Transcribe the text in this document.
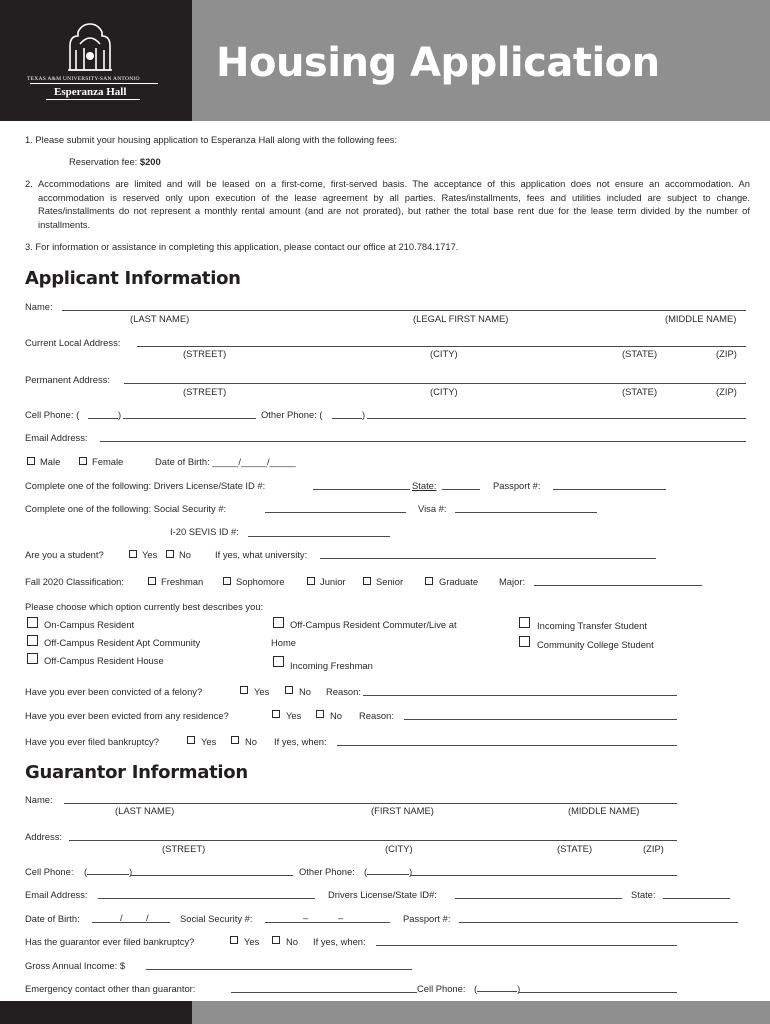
TEXAS A&M UNIVERSITY-SAN ANTONIO
Esperanza Hall
Housing Application
1. Please submit your housing application to Esperanza Hall along with the following fees:
Reservation fee: $200
2. Accommodations are limited and will be leased on a first-come, first-served basis. The acceptance of this application does not ensure an accommodation. An accommodation is reserved only upon execution of the lease agreement by all parties. Rates/installments, fees and utilities included are subject to change. Rates/installments do not represent a monthly rental amount (and are not prorated), but rather the total base rent due for the lease term divided by the number of installments.
3. For information or assistance in completing this application, please contact our office at 210.784.1717.
Applicant Information
Name:
(LAST NAME)	(LEGAL FIRST NAME)	(MIDDLE NAME)
Current Local Address:
(STREET)	(CITY)	(STATE)	(ZIP)
Permanent Address:
(STREET)	(CITY)	(STATE)	(ZIP)
Cell Phone: (	)	Other Phone: (	)
Email Address:
Male	Female	Date of Birth: _____/_____/_____
Complete one of the following: Drivers License/State ID #:	State:	Passport #:
Complete one of the following: Social Security #:	Visa #:
I-20 SEVIS ID #:
Are you a student?	Yes No	If yes, what university:
Fall 2020 Classification:	Freshman	Sophomore	Junior	Senior	Graduate Major:
Please choose which option currently best describes you:
On-Campus Resident
Off-Campus Resident Apt Community
Off-Campus Resident House
Off-Campus Resident Commuter/Live at
Home
Incoming Freshman
Incoming Transfer Student
Community College Student
Have you ever been convicted of a felony?	Yes	No Reason:
Have you ever been evicted from any residence?	Yes	No Reason:
Have you ever filed bankruptcy?	Yes	No If yes, when:
Guarantor Information
Name:
(LAST NAME)	(FIRST NAME)	(MIDDLE NAME)
Address:
(STREET)	(CITY)	(STATE)	(ZIP)
Cell Phone: (	)	Other Phone: (	)
Email Address:	Drivers License/State ID#:	State:
Date of Birth:	/ /	Social Security #:	–	–	Passport #:
Has the guarantor ever filed bankruptcy?	Yes	No If yes, when:
Gross Annual Income: $
Emergency contact other than guarantor:	Cell Phone: (	)
